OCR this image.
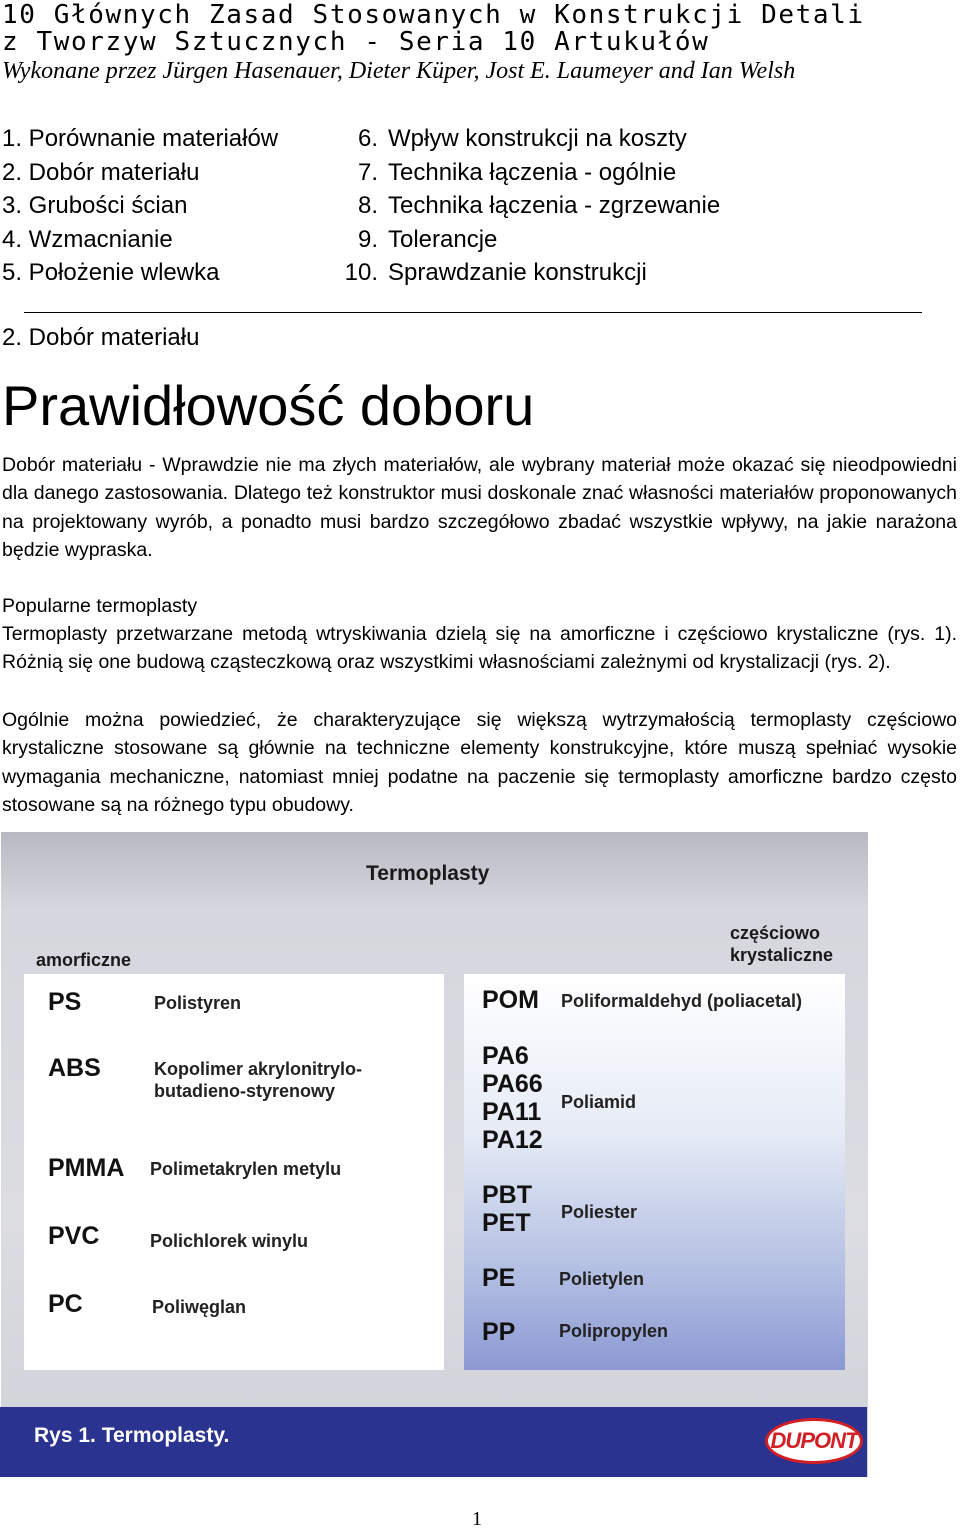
10 Głównych Zasad Stosowanych w Konstrukcji Detali
z Tworzyw Sztucznych - Seria 10 Artukułów
Wykonane przez Jürgen Hasenauer, Dieter Küper, Jost E. Laumeyer and Ian Welsh
1. Porównanie materiałów
2. Dobór materiału
3. Grubości ścian
4. Wzmacnianie
5. Położenie wlewka
6. Wpływ konstrukcji na koszty
7. Technika łączenia - ogólnie
8. Technika łączenia - zgrzewanie
9. Tolerancje
10. Sprawdzanie konstrukcji
2. Dobór materiału
Prawidłowość doboru
Dobór materiału - Wprawdzie nie ma złych materiałów, ale wybrany materiał może okazać się nieodpowiedni dla danego zastosowania. Dlatego też konstruktor musi doskonale znać własności materiałów proponowanych na projektowany wyrób, a ponadto musi bardzo szczegółowo zbadać wszystkie wpływy, na jakie narażona będzie wypraska.
Popularne termoplasty
Termoplasty przetwarzane metodą wtryskiwania dzielą się na amorficzne i częściowo krystaliczne (rys. 1). Różnią się one budową cząsteczkową oraz wszystkimi własnościami zależnymi od krystalizacji (rys. 2).
Ogólnie można powiedzieć, że charakteryzujące się większą wytrzymałością termoplasty częściowo krystaliczne stosowane są głównie na techniczne elementy konstrukcyjne, które muszą spełniać wysokie wymagania mechaniczne, natomiast mniej podatne na paczenie się termoplasty amorficzne bardzo często stosowane są na różnego typu obudowy.
Termoplasty
amorficzne
częściowo
krystaliczne
PS	Polistyren
ABS	Kopolimer akrylonitrylo-
butadieno-styrenowy
PMMA Polimetakrylen metylu
PVC	Polichlorek winylu
PC	Poliwęglan
POM Poliformaldehyd (poliacetal)
PA6
PA66
PA11
PA12
Poliamid
PBT
PET Poliester
PE Polietylen
PP Polipropylen
Rys 1. Termoplasty.	DUPONT
1
